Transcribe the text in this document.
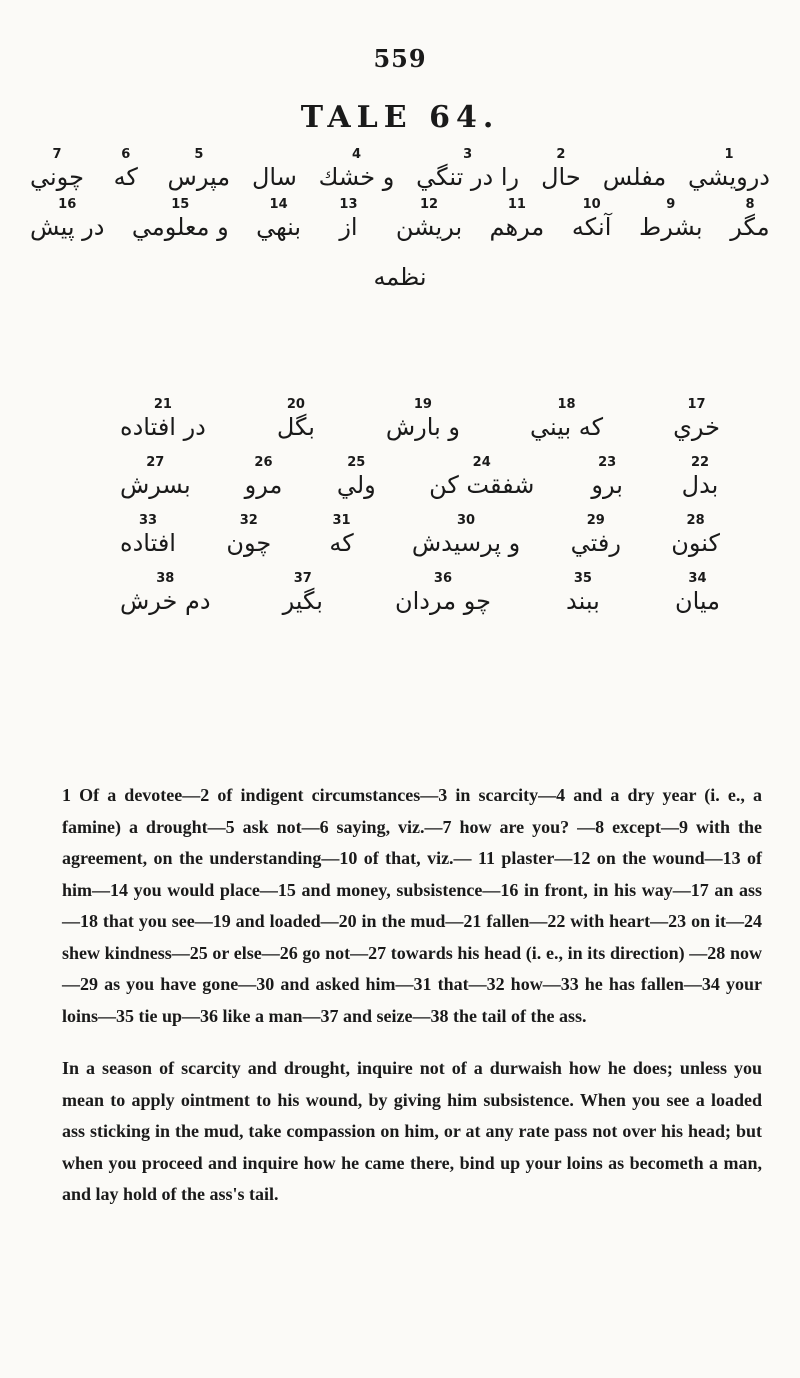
559
TALE 64.
1
درويشي
مفلس
2
حال
3
را در تنگي
4
و خشك
سال
5
مپرس
6
كه
7
چوني
8
مگر
9
بشرط
10
آنكه
11
مرهم
12
بريشن
13
از
14
بنهي
15
و معلومي
16
در پيش
نظمه
17
خري
18
كه بيني
19
و بارش
20
بگل
21
در افتاده
22
بدل
23
برو
24
شفقت كن
25
ولي
26
مرو
27
بسرش
28
كنون
29
رفتي
30
و پرسيدش
31
كه
32
چون
33
افتاده
34
ميان
35
ببند
36
چو مردان
37
بگير
38
دم خرش
1 Of a devotee—2 of indigent circumstances—3 in scarcity—4 and a dry year (i. e., a famine) a drought—5 ask not—6 saying, viz.—7 how are you? —8 except—9 with the agreement, on the understanding—10 of that, viz.— 11 plaster—12 on the wound—13 of him—14 you would place—15 and money, subsistence—16 in front, in his way—17 an ass—18 that you see—19 and loaded—20 in the mud—21 fallen—22 with heart—23 on it—24 shew kindness—25 or else—26 go not—27 towards his head (i. e., in its direction) —28 now—29 as you have gone—30 and asked him—31 that—32 how—33 he has fallen—34 your loins—35 tie up—36 like a man—37 and seize—38 the tail of the ass.
In a season of scarcity and drought, inquire not of a durwaish how he does; unless you mean to apply ointment to his wound, by giving him subsistence. When you see a loaded ass sticking in the mud, take compassion on him, or at any rate pass not over his head; but when you proceed and inquire how he came there, bind up your loins as becometh a man, and lay hold of the ass's tail.
